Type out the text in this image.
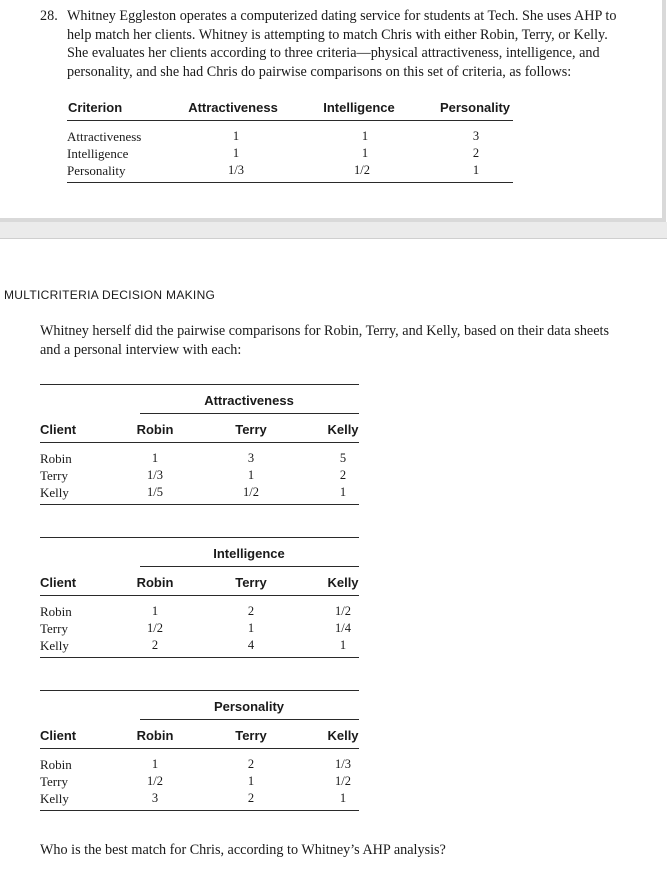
28. Whitney Eggleston operates a computerized dating service for students at Tech. She uses AHP to help match her clients. Whitney is attempting to match Chris with either Robin, Terry, or Kelly. She evaluates her clients according to three criteria—physical attractiveness, intelligence, and personality, and she had Chris do pairwise comparisons on this set of criteria, as follows:
Criterion	Attractiveness	Intelligence	Personality
Attractiveness	1	1	3
Intelligence	1	1	2
Personality	1/3	1/2	1
MULTICRITERIA DECISION MAKING
Whitney herself did the pairwise comparisons for Robin, Terry, and Kelly, based on their data sheets and a personal interview with each:
Attractiveness
Client	Robin	Terry	Kelly
Robin	1	3	5
Terry	1/3	1	2
Kelly	1/5	1/2	1
Intelligence
Client	Robin	Terry	Kelly
Robin	1	2	1/2
Terry	1/2	1	1/4
Kelly	2	4	1
Personality
Client	Robin	Terry	Kelly
Robin	1	2	1/3
Terry	1/2	1	1/2
Kelly	3	2	1
Who is the best match for Chris, according to Whitney’s AHP analysis?
